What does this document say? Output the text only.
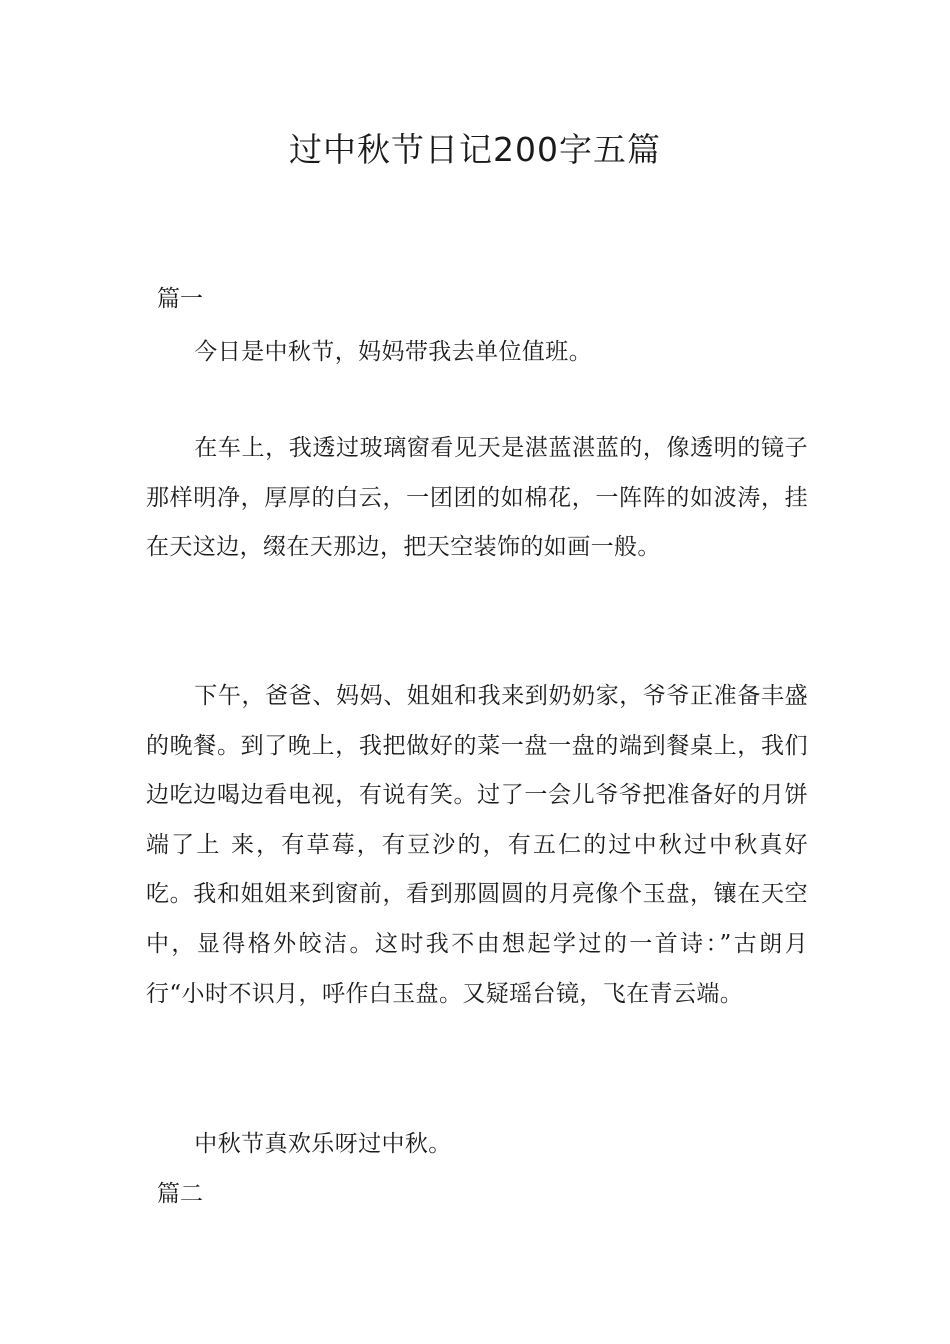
过中秋节日记200字五篇
篇一

今日是中秋节，妈妈带我去单位值班。

在车上，我透过玻璃窗看见天是湛蓝湛蓝的，像透明的镜子那样明净，厚厚的白云，一团团的如棉花，一阵阵的如波涛，挂在天这边，缀在天那边，把天空装饰的如画一般。

下午，爸爸、妈妈、姐姐和我来到奶奶家，爷爷正准备丰盛的晚餐。到了晚上，我把做好的菜一盘一盘的端到餐桌上，我们边吃边喝边看电视，有说有笑。过了一会儿爷爷把准备好的月饼端了上 来，有草莓，有豆沙的，有五仁的过中秋过中秋真好吃。我和姐姐来到窗前，看到那圆圆的月亮像个玉盘，镶在天空中，显得格外皎洁。这时我不由想起学过的一首诗：”古朗月行“小时不识月，呼作白玉盘。又疑瑶台镜，飞在青云端。

中秋节真欢乐呀过中秋。

篇二
